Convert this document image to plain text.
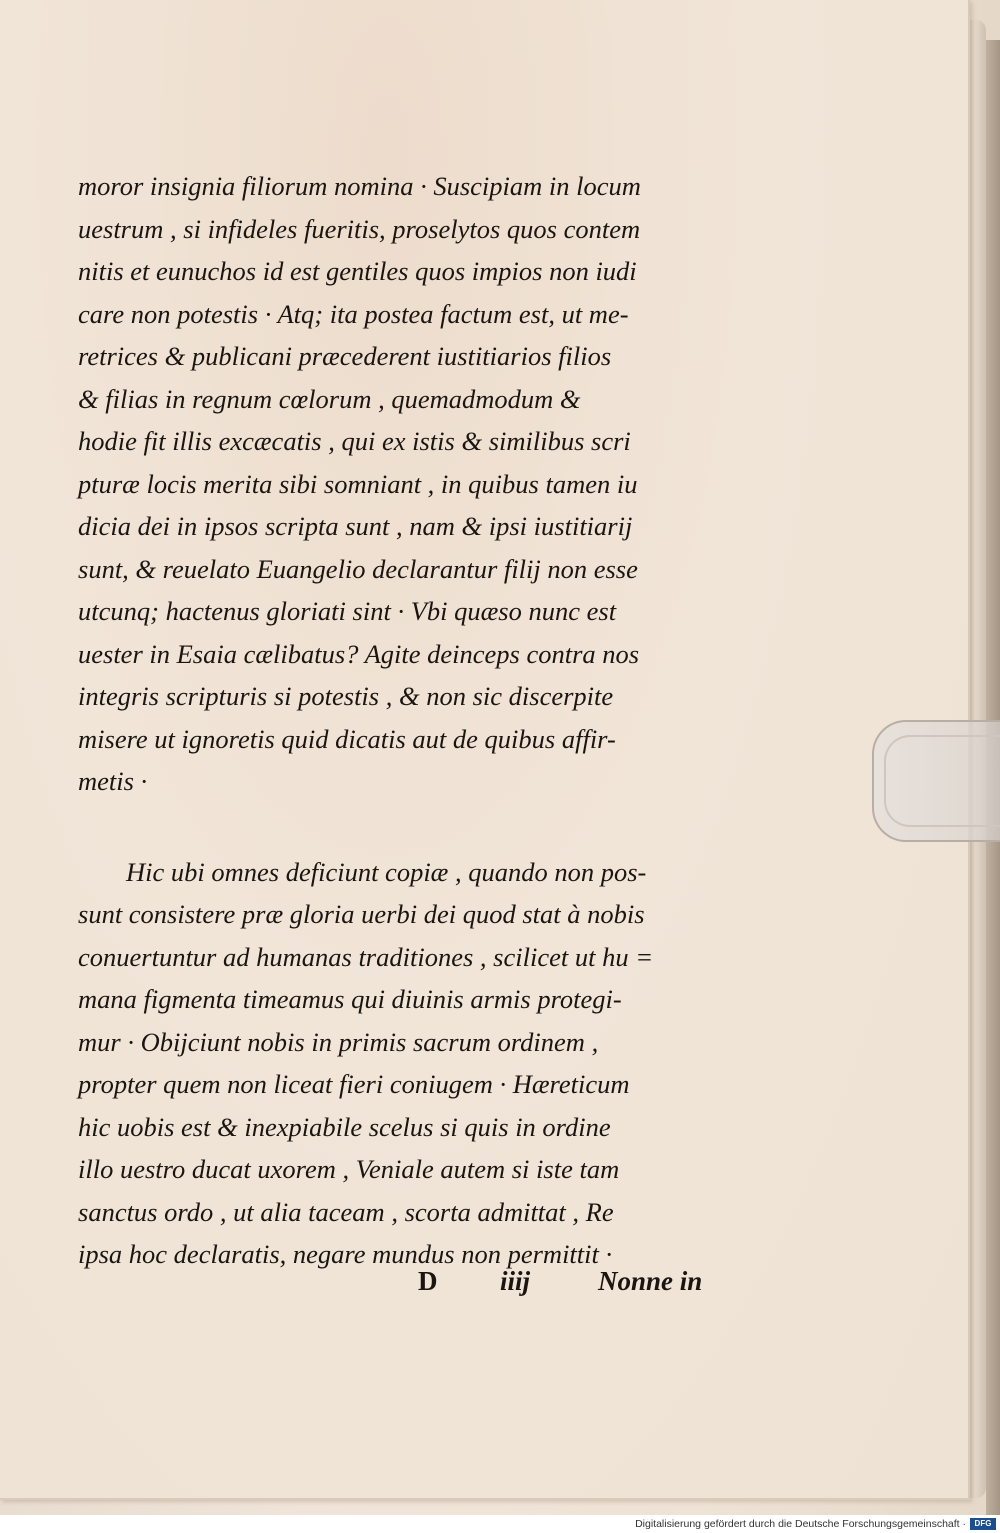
moror insignia filiorum nomina · Suscipiam in locum
uestrum , si infideles fueritis, proselytos quos contem
nitis et eunuchos id est gentiles quos impios non iudi
care non potestis · Atq; ita postea factum est, ut me-
retrices & publicani præcederent iustitiarios filios
& filias in regnum cœlorum , quemadmodum &
hodie fit illis excæcatis , qui ex istis & similibus scri
pturæ locis merita sibi somniant , in quibus tamen iu
dicia dei in ipsos scripta sunt , nam & ipsi iustitiarij
sunt, & reuelato Euangelio declarantur filij non esse
utcunq; hactenus gloriati sint · Vbi quæso nunc est
uester in Esaia cælibatus? Agite deinceps contra nos
integris scripturis si potestis , & non sic discerpite
misere ut ignoretis quid dicatis aut de quibus affir-
metis ·
Hic ubi omnes deficiunt copiæ , quando non pos-
sunt consistere præ gloria uerbi dei quod stat à nobis
conuertuntur ad humanas traditiones , scilicet ut hu =
mana figmenta timeamus qui diuinis armis protegi-
mur · Obijciunt nobis in primis sacrum ordinem ,
propter quem non liceat fieri coniugem · Hæreticum
hic uobis est & inexpiabile scelus si quis in ordine
illo uestro ducat uxorem , Veniale autem si iste tam
sanctus ordo , ut alia taceam , scorta admittat , Re
ipsa hoc declaratis, negare mundus non permittit ·
D iiij	Nonne in
Digitalisierung gefördert durch die Deutsche Forschungsgemeinschaft ·	DFG
